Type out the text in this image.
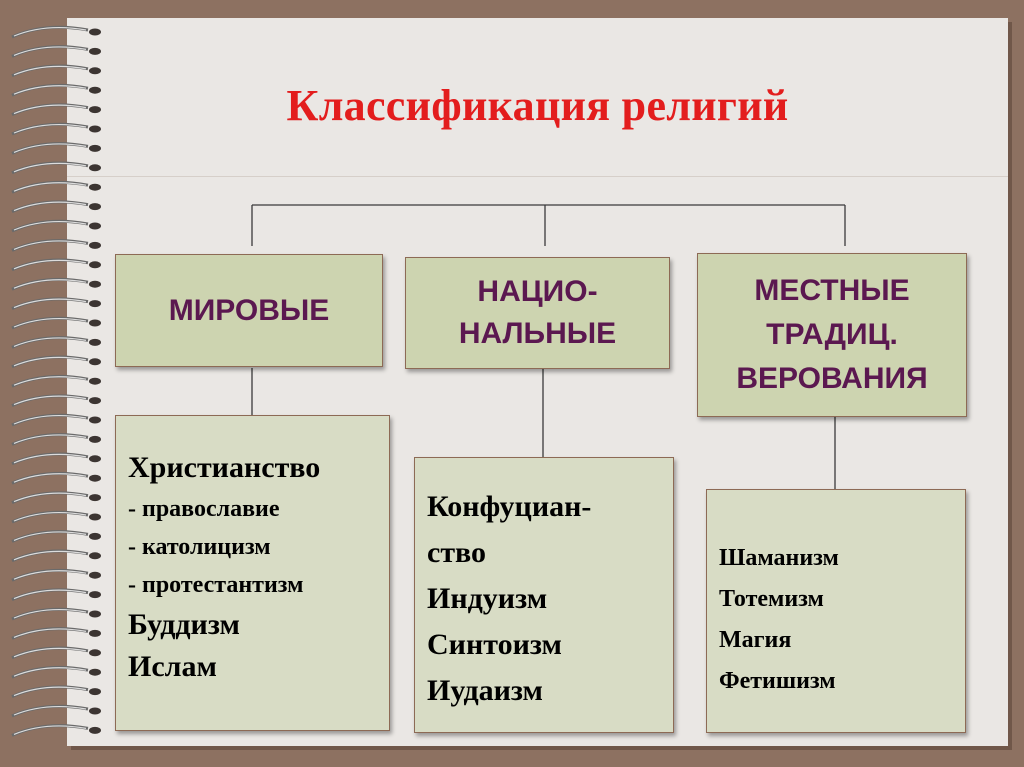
Классификация религий
МИРОВЫЕ
НАЦИО-
НАЛЬНЫЕ
МЕСТНЫЕ
ТРАДИЦ.
ВЕРОВАНИЯ
Христианство
- православие
- католицизм
- протестантизм
Буддизм
Ислам
Конфуциан-
ство
Индуизм
Синтоизм
Иудаизм
Шаманизм
Тотемизм
Магия
Фетишизм
